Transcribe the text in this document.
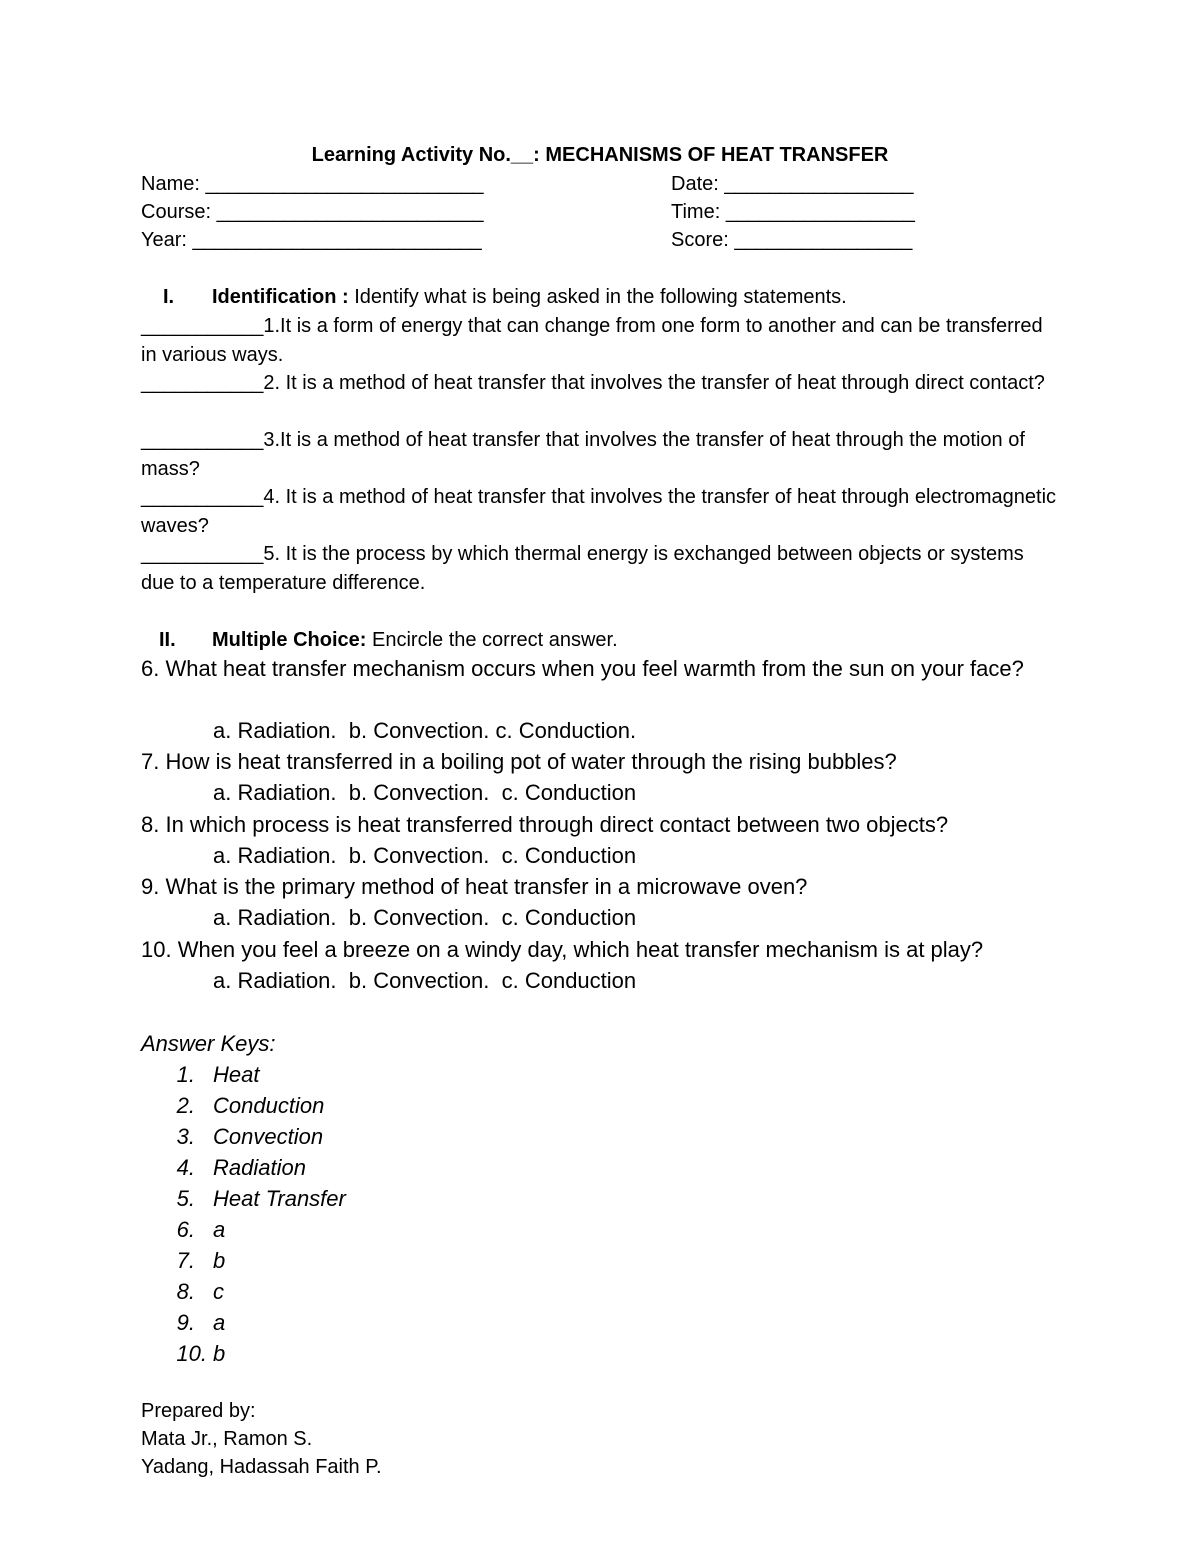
Learning Activity No.__: MECHANISMS OF HEAT TRANSFER
Name: _________________________
Course: ________________________
Year: __________________________
Date: _________________
Time: _________________
Score: ________________
I. Identification : Identify what is being asked in the following statements.
___________1.It is a form of energy that can change from one form to another and can be transferred in various ways.
___________2. It is a method of heat transfer that involves the transfer of heat through direct contact?
___________3.It is a method of heat transfer that involves the transfer of heat through the motion of mass?
___________4. It is a method of heat transfer that involves the transfer of heat through electromagnetic waves?
___________5. It is the process by which thermal energy is exchanged between objects or systems due to a temperature difference.
II. Multiple Choice: Encircle the correct answer.
6. What heat transfer mechanism occurs when you feel warmth from the sun on your face?
a. Radiation.  b. Convection. c. Conduction.
7. How is heat transferred in a boiling pot of water through the rising bubbles?
a. Radiation.  b. Convection.  c. Conduction
8. In which process is heat transferred through direct contact between two objects?
a. Radiation.  b. Convection.  c. Conduction
9. What is the primary method of heat transfer in a microwave oven?
a. Radiation.  b. Convection.  c. Conduction
10. When you feel a breeze on a windy day, which heat transfer mechanism is at play?
a. Radiation.  b. Convection.  c. Conduction
Answer Keys:
1. Heat
2. Conduction
3. Convection
4. Radiation
5. Heat Transfer
6. a
7. b
8. c
9. a
10. b
Prepared by:
Mata Jr., Ramon S.
Yadang, Hadassah Faith P.
